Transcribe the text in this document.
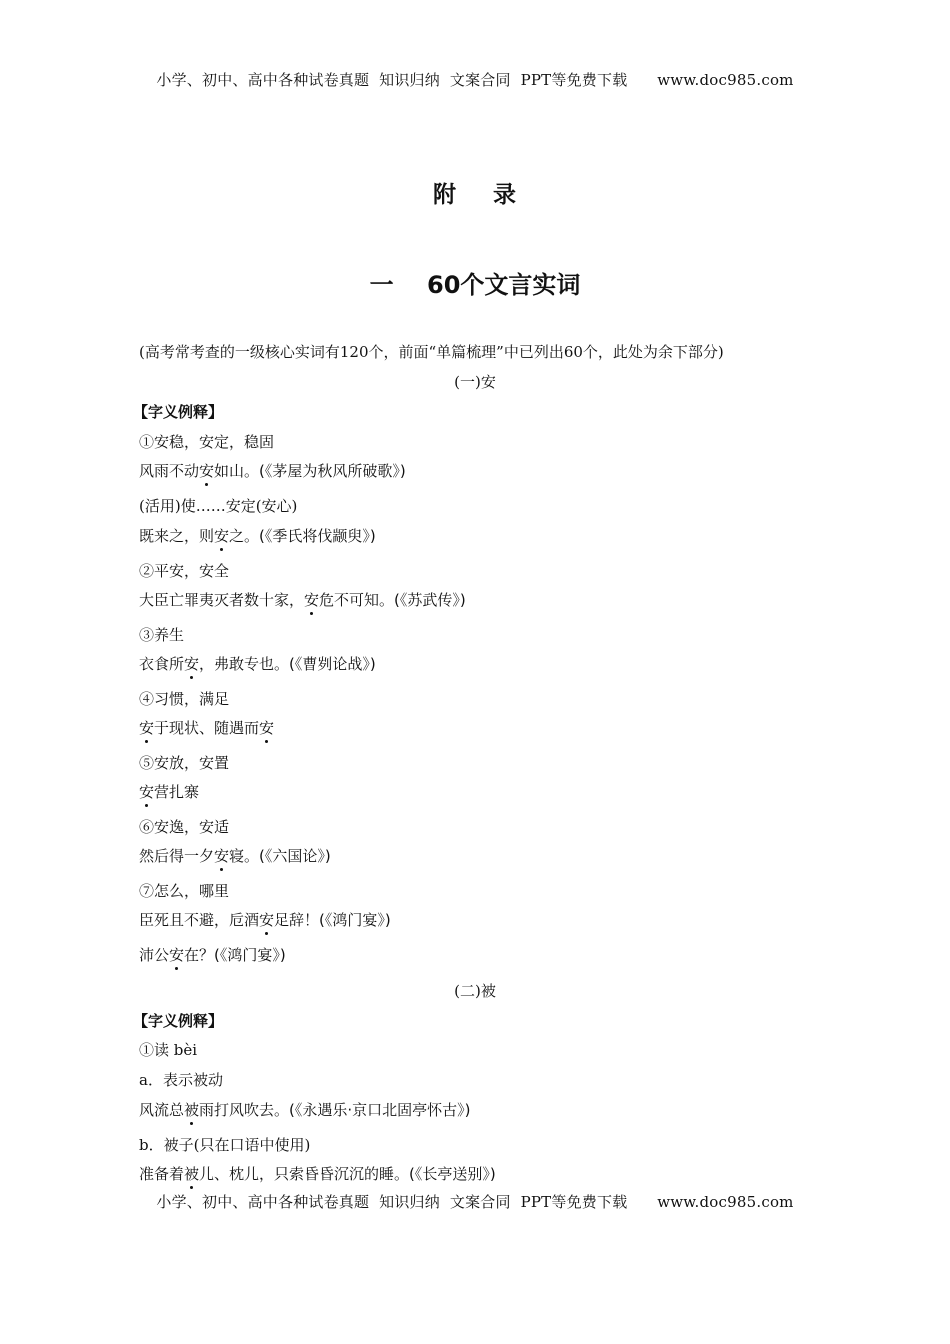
小学、初中、高中各种试卷真题  知识归纳  文案合同  PPT等免费下载      www.doc985.com
附    录
一    60个文言实词
(高考常考查的一级核心实词有120个，前面“单篇梳理”中已列出60个，此处为余下部分)
(一)安
【字义例释】
①安稳，安定，稳固
风雨不动安如山。(《茅屋为秋风所破歌》)
(活用)使……安定(安心)
既来之，则安之。(《季氏将伐颛臾》)
②平安，安全
大臣亡罪夷灭者数十家，安危不可知。(《苏武传》)
③养生
衣食所安，弗敢专也。(《曹刿论战》)
④习惯，满足
安于现状、随遇而安
⑤安放，安置
安营扎寨
⑥安逸，安适
然后得一夕安寝。(《六国论》)
⑦怎么，哪里
臣死且不避，卮酒安足辞！(《鸿门宴》)
沛公安在？(《鸿门宴》)
(二)被
【字义例释】
①读 bèi
a．表示被动
风流总被雨打风吹去。(《永遇乐·京口北固亭怀古》)
b．被子(只在口语中使用)
准备着被儿、枕儿，只索昏昏沉沉的睡。(《长亭送别》)
小学、初中、高中各种试卷真题  知识归纳  文案合同  PPT等免费下载      www.doc985.com
